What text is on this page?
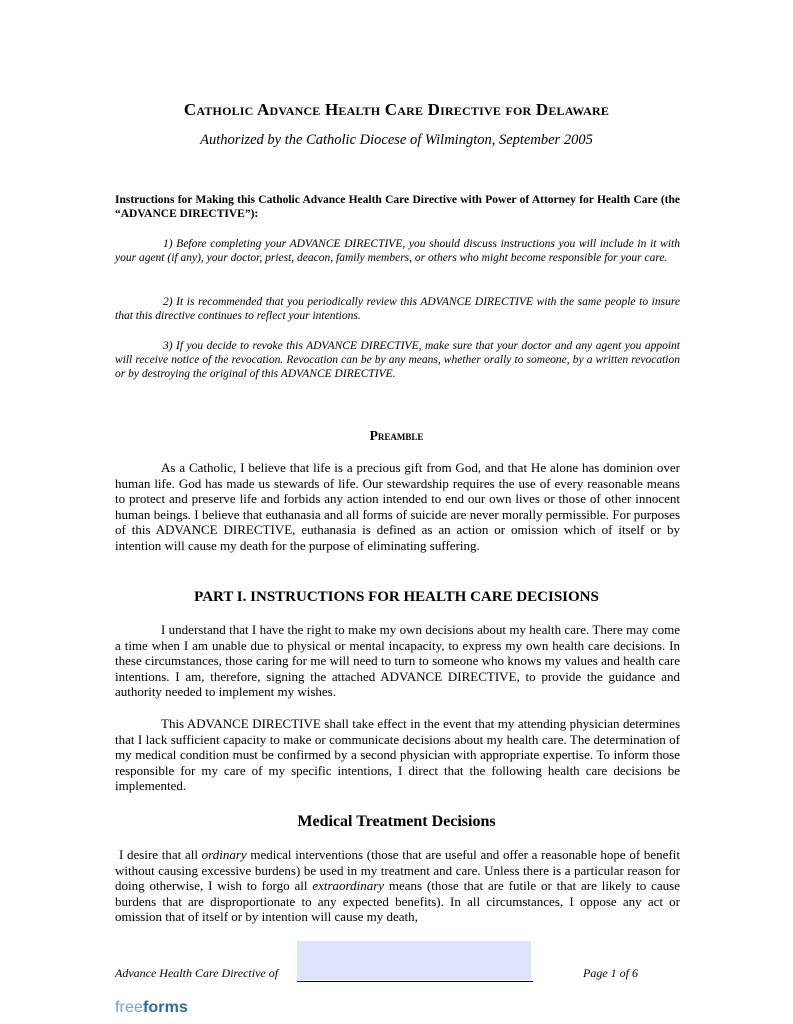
Catholic Advance Health Care Directive for Delaware
Authorized by the Catholic Diocese of Wilmington, September 2005
Instructions for Making this Catholic Advance Health Care Directive with Power of Attorney for Health Care (the “ADVANCE DIRECTIVE”):
1) Before completing your ADVANCE DIRECTIVE, you should discuss instructions you will include in it with your agent (if any), your doctor, priest, deacon, family members, or others who might become responsible for your care.
2) It is recommended that you periodically review this ADVANCE DIRECTIVE with the same people to insure that this directive continues to reflect your intentions.
3) If you decide to revoke this ADVANCE DIRECTIVE, make sure that your doctor and any agent you appoint will receive notice of the revocation. Revocation can be by any means, whether orally to someone, by a written revocation or by destroying the original of this ADVANCE DIRECTIVE.
Preamble
As a Catholic, I believe that life is a precious gift from God, and that He alone has dominion over human life. God has made us stewards of life. Our stewardship requires the use of every reasonable means to protect and preserve life and forbids any action intended to end our own lives or those of other innocent human beings. I believe that euthanasia and all forms of suicide are never morally permissible. For purposes of this ADVANCE DIRECTIVE, euthanasia is defined as an action or omission which of itself or by intention will cause my death for the purpose of eliminating suffering.
PART I. INSTRUCTIONS FOR HEALTH CARE DECISIONS
I understand that I have the right to make my own decisions about my health care. There may come a time when I am unable due to physical or mental incapacity, to express my own health care decisions. In these circumstances, those caring for me will need to turn to someone who knows my values and health care intentions. I am, therefore, signing the attached ADVANCE DIRECTIVE, to provide the guidance and authority needed to implement my wishes.
This ADVANCE DIRECTIVE shall take effect in the event that my attending physician determines that I lack sufficient capacity to make or communicate decisions about my health care. The determination of my medical condition must be confirmed by a second physician with appropriate expertise. To inform those responsible for my care of my specific intentions, I direct that the following health care decisions be implemented.
Medical Treatment Decisions
I desire that all ordinary medical interventions (those that are useful and offer a reasonable hope of benefit without causing excessive burdens) be used in my treatment and care. Unless there is a particular reason for doing otherwise, I wish to forgo all extraordinary means (those that are futile or that are likely to cause burdens that are disproportionate to any expected benefits). In all circumstances, I oppose any act or omission that of itself or by intention will cause my death,
Advance Health Care Directive of	Page 1 of 6
freeforms
